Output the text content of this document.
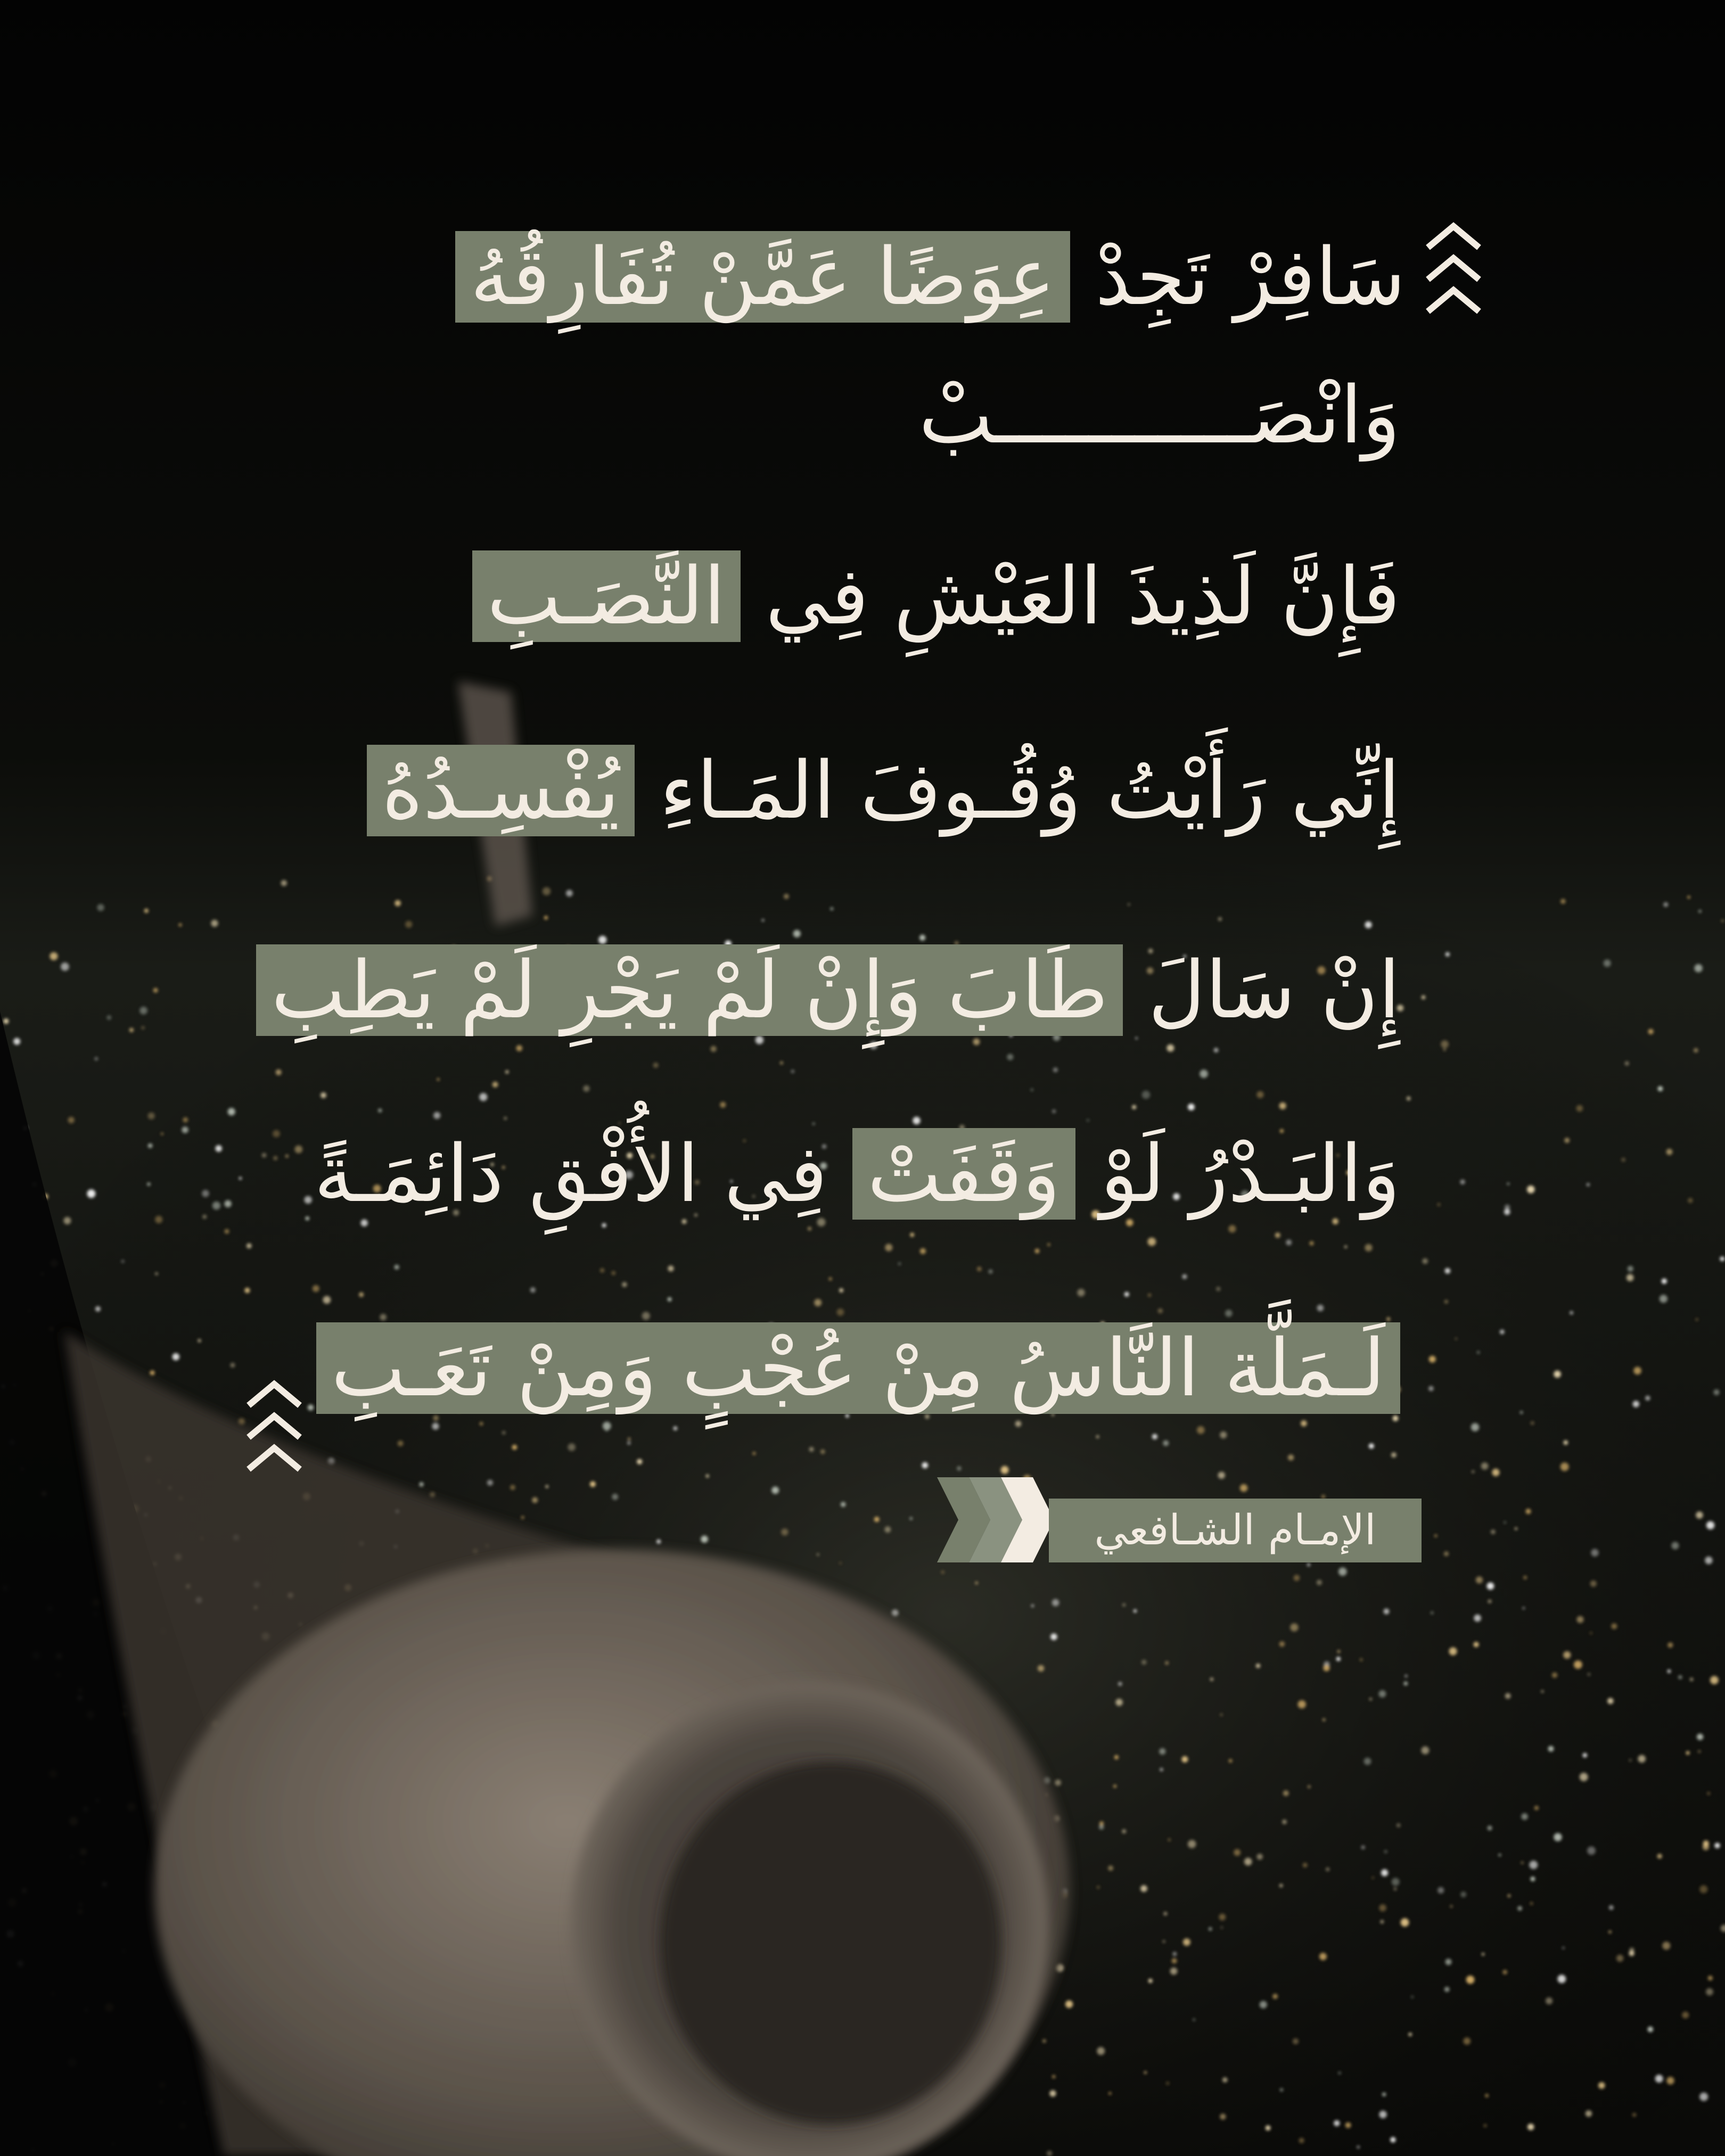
سَافِرْ تَجِدْ عِوَضًا عَمَّنْ تُفَارِقُهُ
وَانْصَـــــــــــبْ
فَإِنَّ لَذِيذَ العَيْشِ فِي النَّصَـبِ
إِنِّي رَأَيْتُ وُقُـوفَ المَـاءِ يُفْسِـدُهُ
إِنْ سَالَ طَابَ وَإِنْ لَمْ يَجْرِ لَمْ يَطِبِ
وَالبَـدْرُ لَوْ وَقَفَتْ فِي الأُفْقِ دَائِمَـةً
لَـمَلَّة النَّاسُ مِنْ عُجْبٍ وَمِنْ تَعَـبِ
الإمـام الشـافعي
